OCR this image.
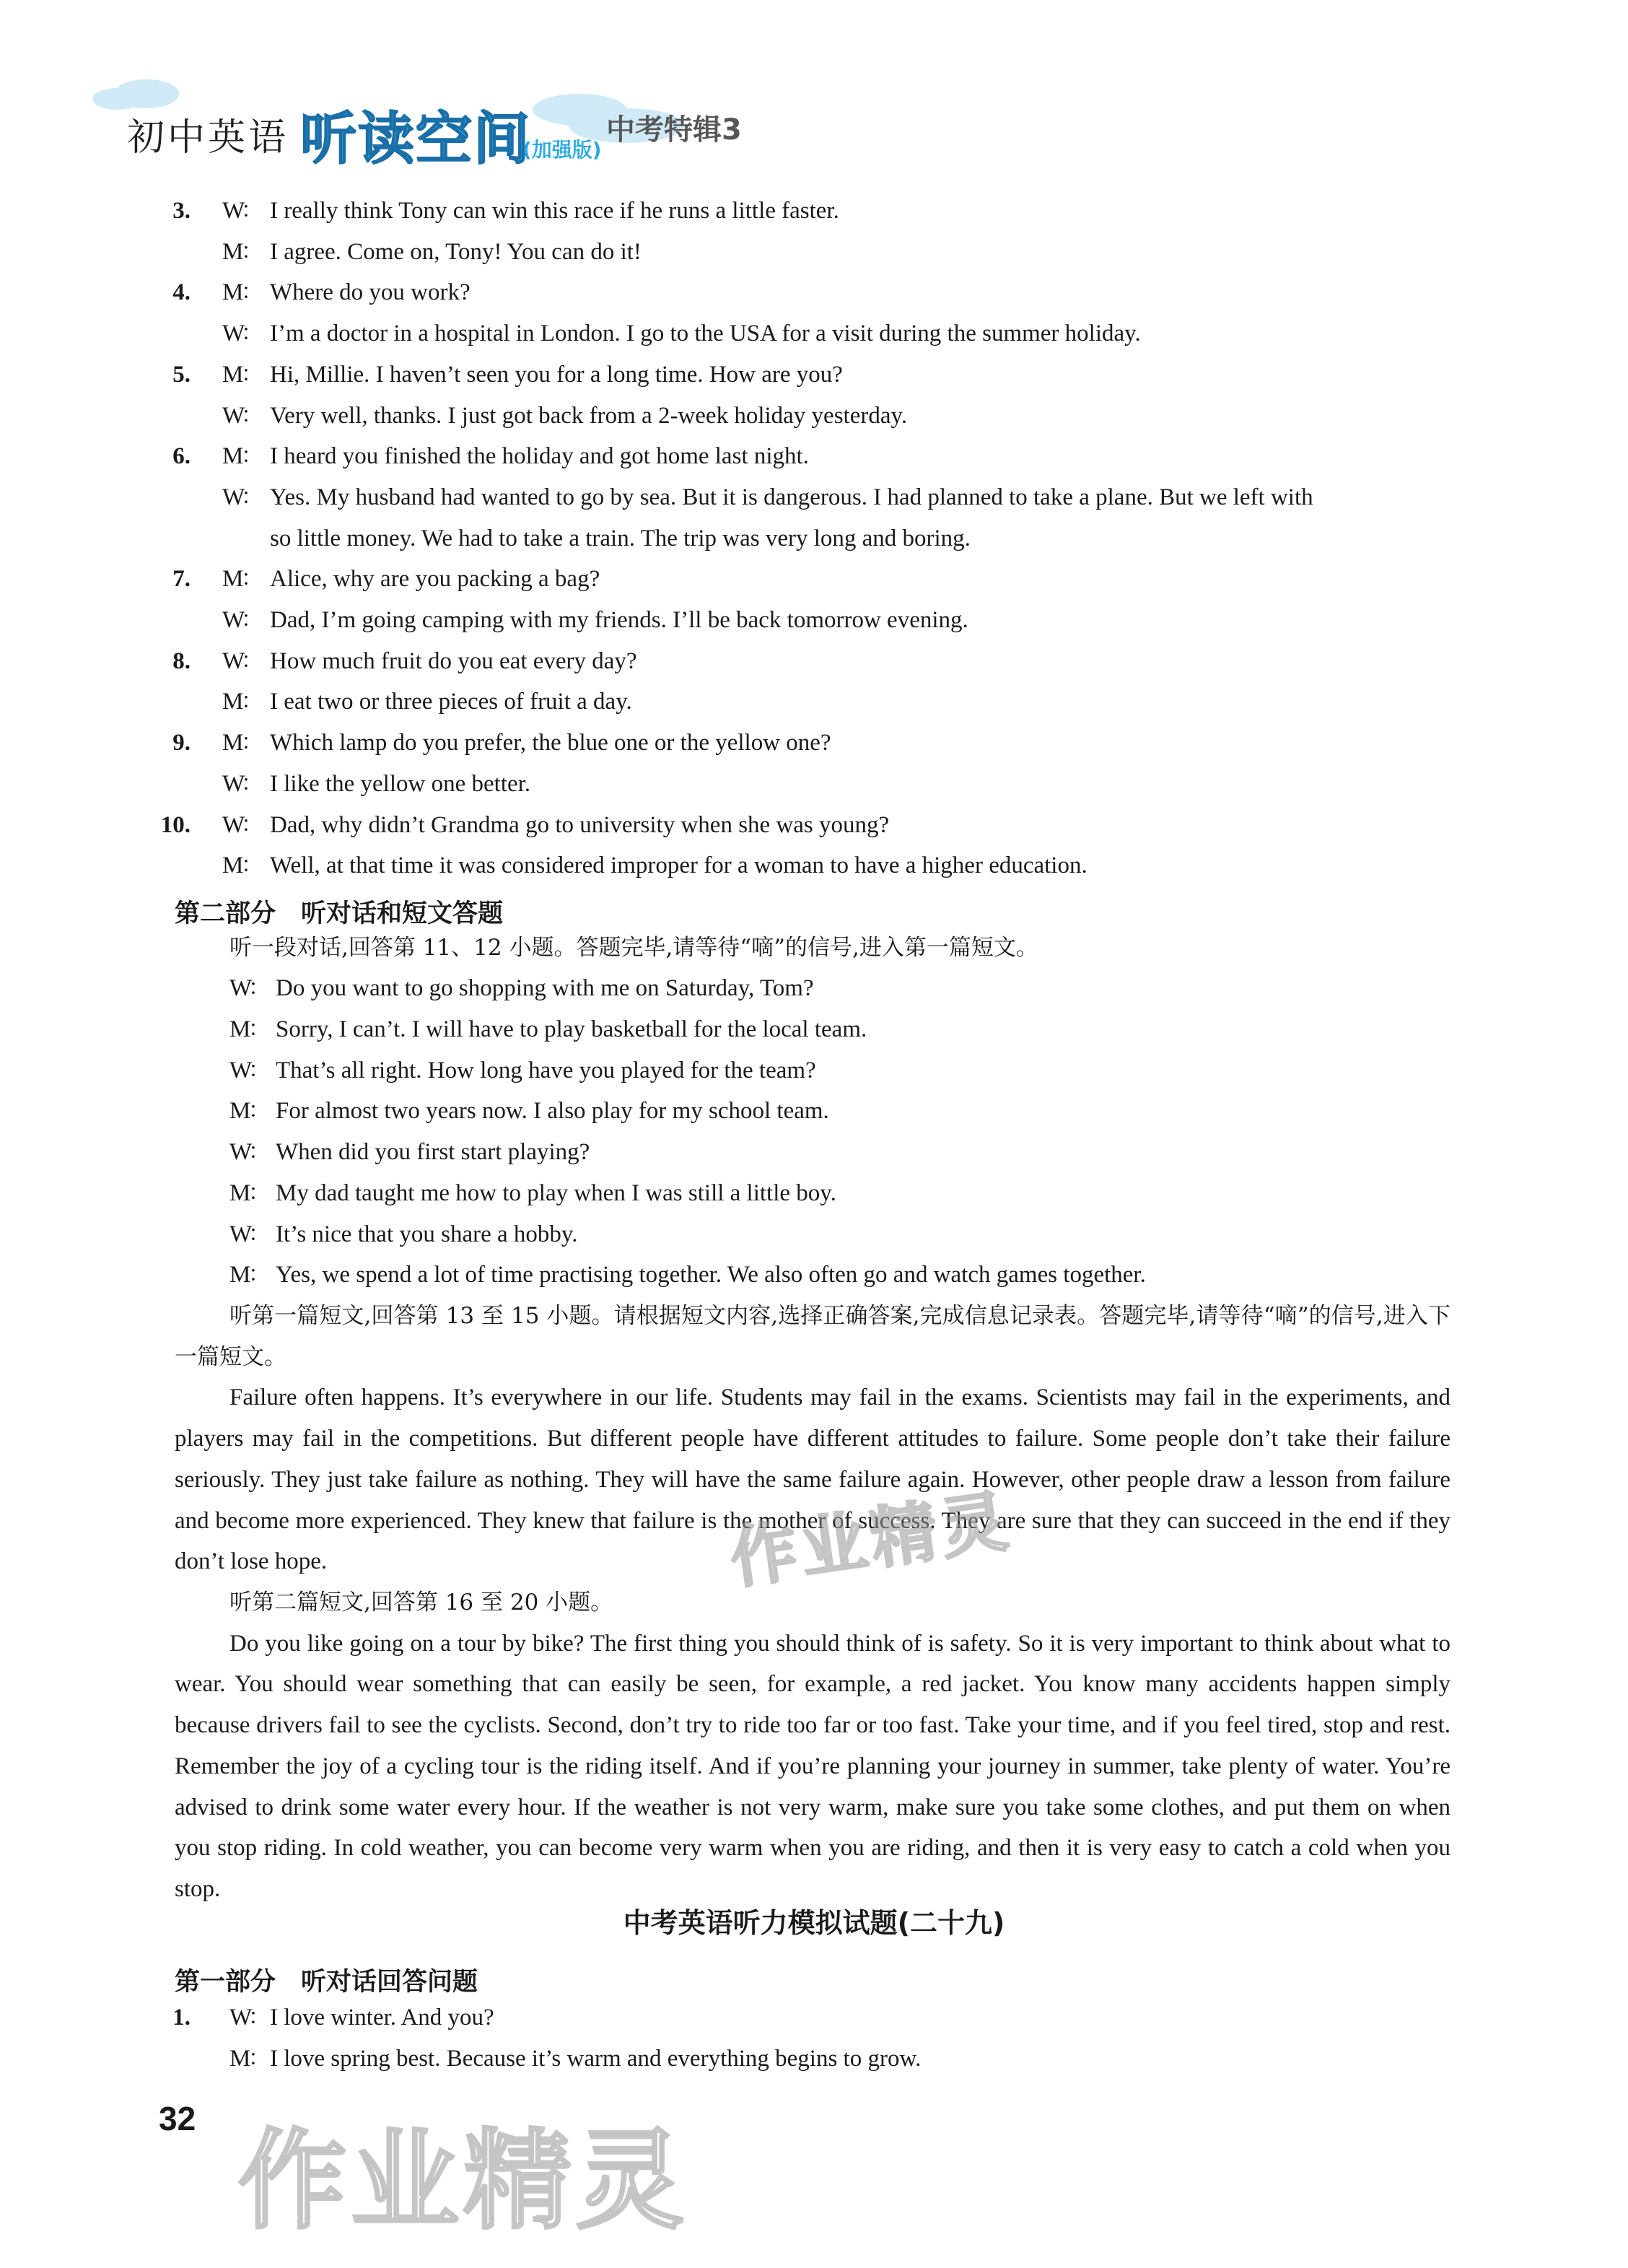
初中英语 听读空间
(加强版)
中考特辑3
3. W
： I really think Tony can win this race if he runs a little faster.
M
： I agree. Come on, Tony! You can do it!
4. M
： Where do you work?
W
： I’m a doctor in a hospital in London. I go to the USA for a visit during the summer holiday.
5. M
： Hi, Millie. I haven’t seen you for a long time. How are you?
W
： Very well, thanks. I just got back from a 2-week holiday yesterday.
6. M
： I heard you finished the holiday and got home last night.
W
： Yes. My husband had wanted to go by sea. But it is dangerous. I had planned to take a plane. But we left with
so little money. We had to take a train. The trip was very long and boring.
7. M
： Alice, why are you packing a bag?
W
： Dad, I’m going camping with my friends. I’ll be back tomorrow evening.
8. W
： How much fruit do you eat every day?
M
： I eat two or three pieces of fruit a day.
9. M
： Which lamp do you prefer, the blue one or the yellow one?
W
： I like the yellow one better.
10. W
： Dad, why didn’t Grandma go to university when she was young?
M
： Well, at that time it was considered improper for a woman to have a higher education.
第二部分　听对话和短文答题
听一段对话,回答第 11、12 小题。答题完毕,请等待“嘀”的信号,进入第一篇短文。
W
： Do you want to go shopping with me on Saturday, Tom?
M
： Sorry, I can’t. I will have to play basketball for the local team.
W
： That’s all right. How long have you played for the team?
M
： For almost two years now. I also play for my school team.
W
： When did you first start playing?
M
： My dad taught me how to play when I was still a little boy.
W
： It’s nice that you share a hobby.
M
： Yes, we spend a lot of time practising together. We also often go and watch games together.
听第一篇短文,回答第 13 至 15 小题。请根据短文内容,选择正确答案,完成信息记录表。答题完毕,请等待“嘀”的信号,进入下一篇短文。
Failure often happens. It’s everywhere in our life. Students may fail in the exams. Scientists may fail in the experiments, and players may fail in the competitions. But different people have different attitudes to failure. Some people don’t take their failure seriously. They just take failure as nothing. They will have the same failure again. However, other people draw a lesson from failure and become more experienced. They knew that failure is the mother of success. They are sure that they can succeed in the end if they don’t lose hope.
听第二篇短文,回答第 16 至 20 小题。
Do you like going on a tour by bike? The first thing you should think of is safety. So it is very important to think about what to wear. You should wear something that can easily be seen, for example, a red jacket. You know many accidents happen simply because drivers fail to see the cyclists. Second, don’t try to ride too far or too fast. Take your time, and if you feel tired, stop and rest. Remember the joy of a cycling tour is the riding itself. And if you’re planning your journey in summer, take plenty of water. You’re advised to drink some water every hour. If the weather is not very warm, make sure you take some clothes, and put them on when you stop riding. In cold weather, you can become very warm when you are riding, and then it is very easy to catch a cold when you stop.
中考英语听力模拟试题(二十九)
第一部分　听对话回答问题
1. W
： I love winter. And you?
M
： I love spring best. Because it’s warm and everything begins to grow.
32
作业精灵
作业精灵
